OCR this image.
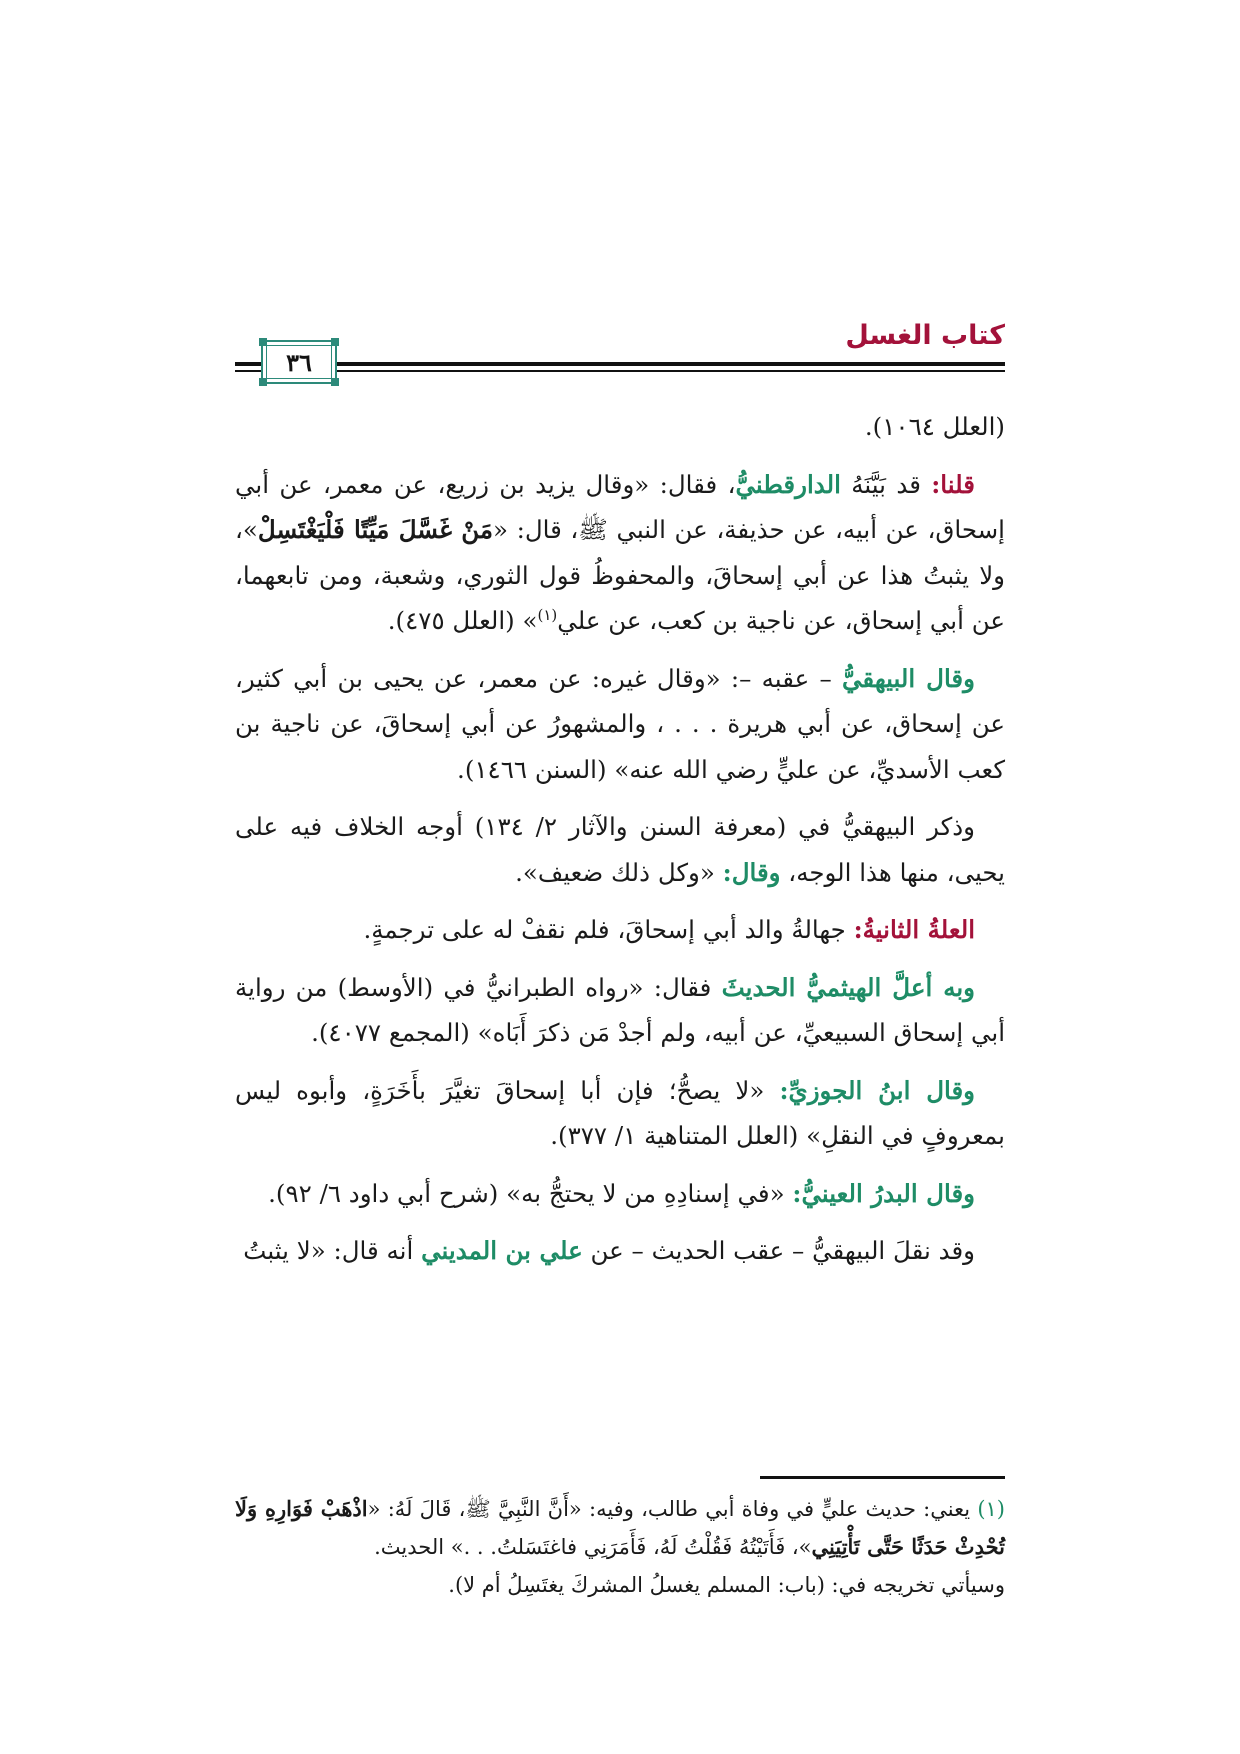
كتاب الغسل
٣٦

(العلل ١٠٦٤).

قلنا: قد بَيَّنَهُ الدارقطنيُّ، فقال: «وقال يزيد بن زريع، عن معمر، عن أبي إسحاق، عن أبيه، عن حذيفة، عن النبي ﷺ، قال: «مَنْ غَسَّلَ مَيِّتًا فَلْيَغْتَسِلْ»، ولا يثبتُ هذا عن أبي إسحاقَ، والمحفوظُ قول الثوري، وشعبة، ومن تابعهما، عن أبي إسحاق، عن ناجية بن كعب، عن علي$^{(١)}$» (العلل ٤٧٥).

وقال البيهقيُّ – عقبه –: «وقال غيره: عن معمر، عن يحيى بن أبي كثير، عن إسحاق، عن أبي هريرة . . . ، والمشهورُ عن أبي إسحاقَ، عن ناجية بن كعب الأسديِّ، عن عليٍّ رضي الله عنه» (السنن ١٤٦٦).

وذكر البيهقيُّ في (معرفة السنن والآثار ٢/ ١٣٤) أوجه الخلاف فيه على يحيى، منها هذا الوجه، وقال: «وكل ذلك ضعيف».

العلةُ الثانيةُ: جهالةُ والد أبي إسحاقَ، فلم نقفْ له على ترجمةٍ.

وبه أعلَّ الهيثميُّ الحديثَ فقال: «رواه الطبرانيُّ في (الأوسط) من رواية أبي إسحاق السبيعيِّ، عن أبيه، ولم أجدْ مَن ذكرَ أَبَاه» (المجمع ٤٠٧٧).

وقال ابنُ الجوزيِّ: «لا يصحُّ؛ فإن أبا إسحاقَ تغيَّرَ بأَخَرَةٍ، وأبوه ليس بمعروفٍ في النقلِ» (العلل المتناهية ١/ ٣٧٧).

وقال البدرُ العينيُّ: «في إسنادِهِ من لا يحتجُّ به» (شرح أبي داود ٦/ ٩٢).

وقد نقلَ البيهقيُّ – عقب الحديث – عن علي بن المديني أنه قال: «لا يثبتُ

(١) يعني: حديث عليٍّ في وفاة أبي طالب، وفيه: «أَنَّ النَّبِيَّ ﷺ، قَالَ لَهُ: «اذْهَبْ فَوَارِهِ وَلَا تُحْدِثْ حَدَثًا حَتَّى تَأْتِيَنِي»، فَأَتَيْتُهُ فَقُلْتُ لَهُ، فَأَمَرَنِي فاغتَسَلتُ. . .» الحديث.

وسيأتي تخريجه في: (باب: المسلم يغسلُ المشركَ يغتَسِلُ أم لا).
